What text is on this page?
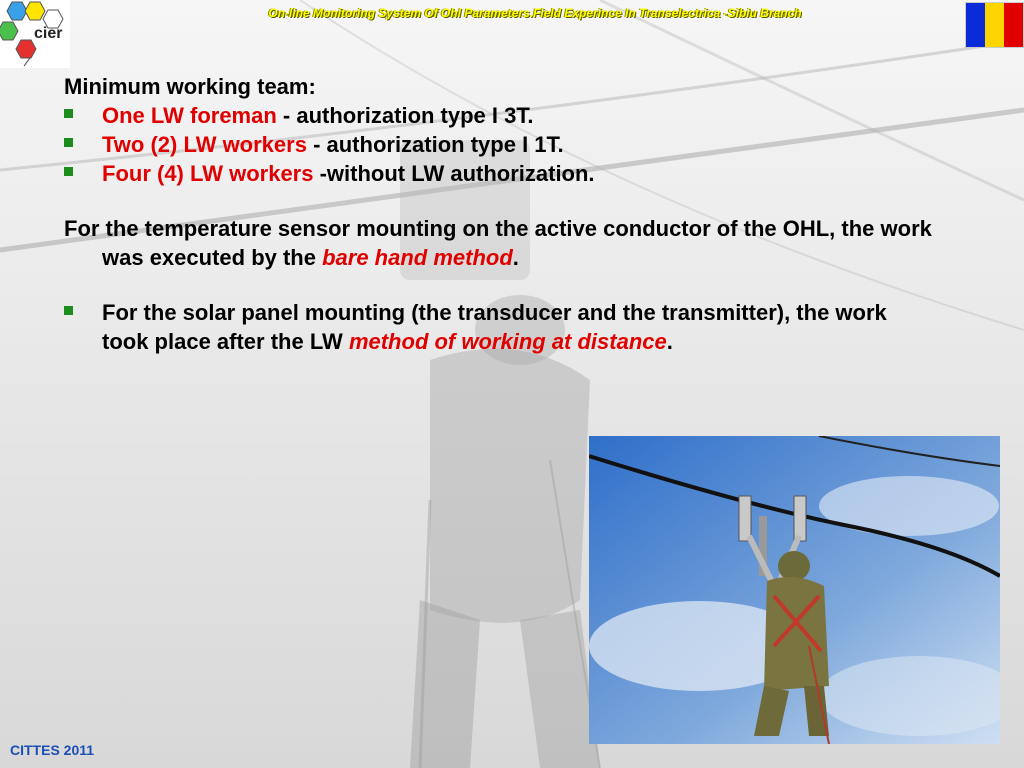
cier
On-line Monitoring System Of Ohl Parameters.Field Experince In Transelectrica -Sibiu Branch

Minimum working team:

One LW foreman - authorization type I 3T.
Two (2) LW workers - authorization type I 1T.
Four (4) LW workers -without LW authorization.

For the temperature sensor mounting on the active conductor of the OHL, the work was executed by the bare hand method.

For the solar panel mounting (the transducer and the transmitter), the work took place after the LW method of working at distance.
CITTES 2011
